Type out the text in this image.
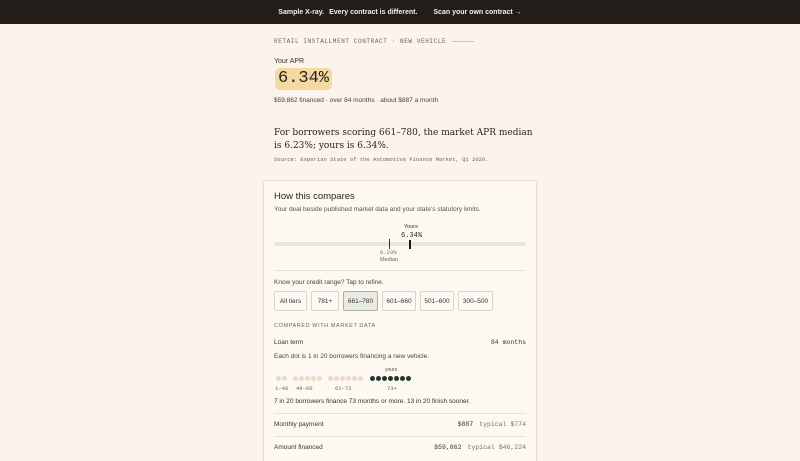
Sample X-ray. Every contract is different. Scan your own contract →
RETAIL INSTALLMENT CONTRACT · NEW VEHICLE
Your APR
6.34%
$59,862 financed · over 84 months · about $887 a month
For borrowers scoring 661–780, the market APR median is 6.23%; yours is 6.34%.
Source: Experian State of the Automotive Finance Market, Q1 2026.
How this compares
Your deal beside published market data and your state's statutory limits.
6.23%
Median
Yours
6.34%
Know your credit range? Tap to refine.
All tiers	781+	661–780	601–660	501–600	300–500
COMPARED WITH MARKET DATA
Loan term	84 months
Each dot is 1 in 20 borrowers financing a new vehicle.
yours
1–48 49–60	61–72	73+
7 in 20 borrowers finance 73 months or more. 13 in 20 finish sooner.
Monthly payment	$887 typical $774
Amount financed	$59,862 typical $46,224
